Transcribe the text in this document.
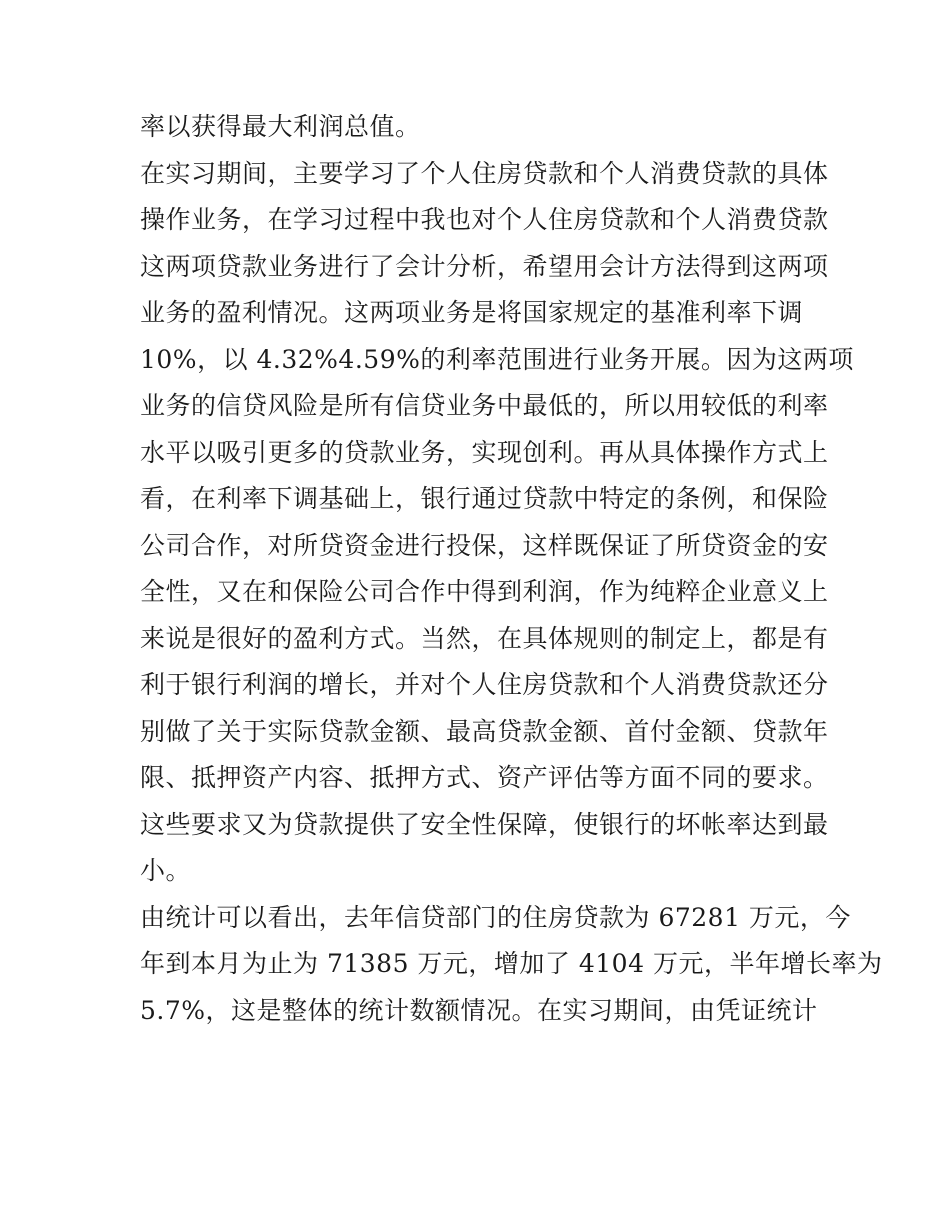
率以获得最大利润总值。
在实习期间，主要学习了个人住房贷款和个人消费贷款的具体
操作业务，在学习过程中我也对个人住房贷款和个人消费贷款
这两项贷款业务进行了会计分析，希望用会计方法得到这两项
业务的盈利情况。这两项业务是将国家规定的基准利率下调
10%，以 4.32%4.59%的利率范围进行业务开展。因为这两项
业务的信贷风险是所有信贷业务中最低的，所以用较低的利率
水平以吸引更多的贷款业务，实现创利。再从具体操作方式上
看，在利率下调基础上，银行通过贷款中特定的条例，和保险
公司合作，对所贷资金进行投保，这样既保证了所贷资金的安
全性，又在和保险公司合作中得到利润，作为纯粹企业意义上
来说是很好的盈利方式。当然，在具体规则的制定上，都是有
利于银行利润的增长，并对个人住房贷款和个人消费贷款还分
别做了关于实际贷款金额、最高贷款金额、首付金额、贷款年
限、抵押资产内容、抵押方式、资产评估等方面不同的要求。
这些要求又为贷款提供了安全性保障，使银行的坏帐率达到最
小。
由统计可以看出，去年信贷部门的住房贷款为 67281 万元，今
年到本月为止为 71385 万元，增加了 4104 万元，半年增长率为
5.7%，这是整体的统计数额情况。在实习期间，由凭证统计
